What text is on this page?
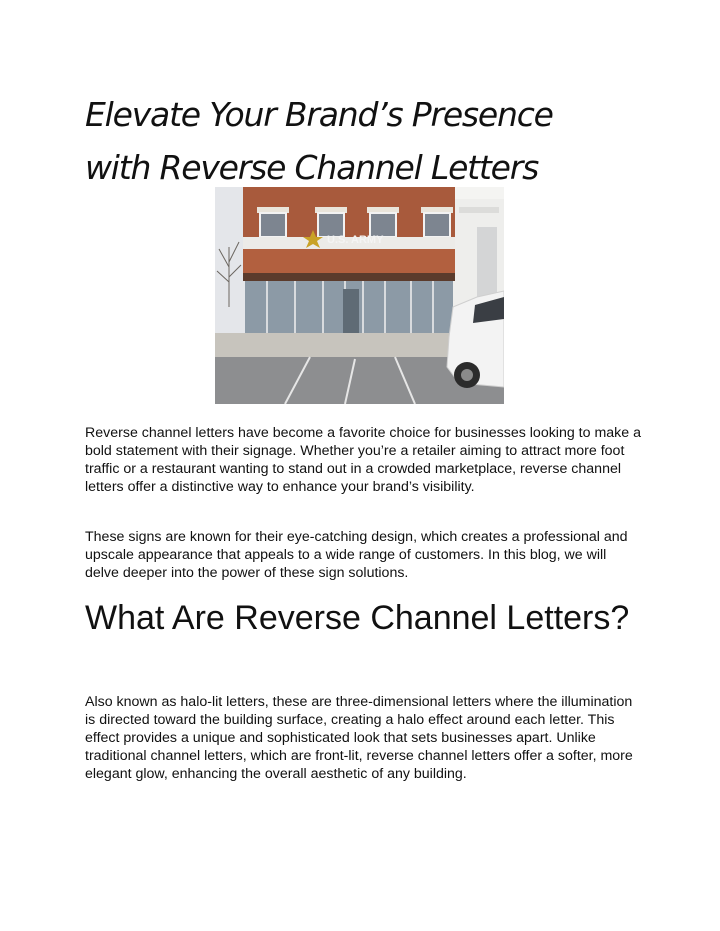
Elevate Your Brand’s Presence
with Reverse Channel Letters
U.S. ARMY

Reverse channel letters have become a favorite choice for businesses looking to make a bold statement with their signage. Whether you’re a retailer aiming to attract more foot traffic or a restaurant wanting to stand out in a crowded marketplace, reverse channel letters offer a distinctive way to enhance your brand’s visibility.

These signs are known for their eye-catching design, which creates a professional and upscale appearance that appeals to a wide range of customers. In this blog, we will delve deeper into the power of these sign solutions.

What Are Reverse Channel Letters?

Also known as halo-lit letters, these are three-dimensional letters where the illumination is directed toward the building surface, creating a halo effect around each letter. This effect provides a unique and sophisticated look that sets businesses apart. Unlike traditional channel letters, which are front-lit, reverse channel letters offer a softer, more elegant glow, enhancing the overall aesthetic of any building.
